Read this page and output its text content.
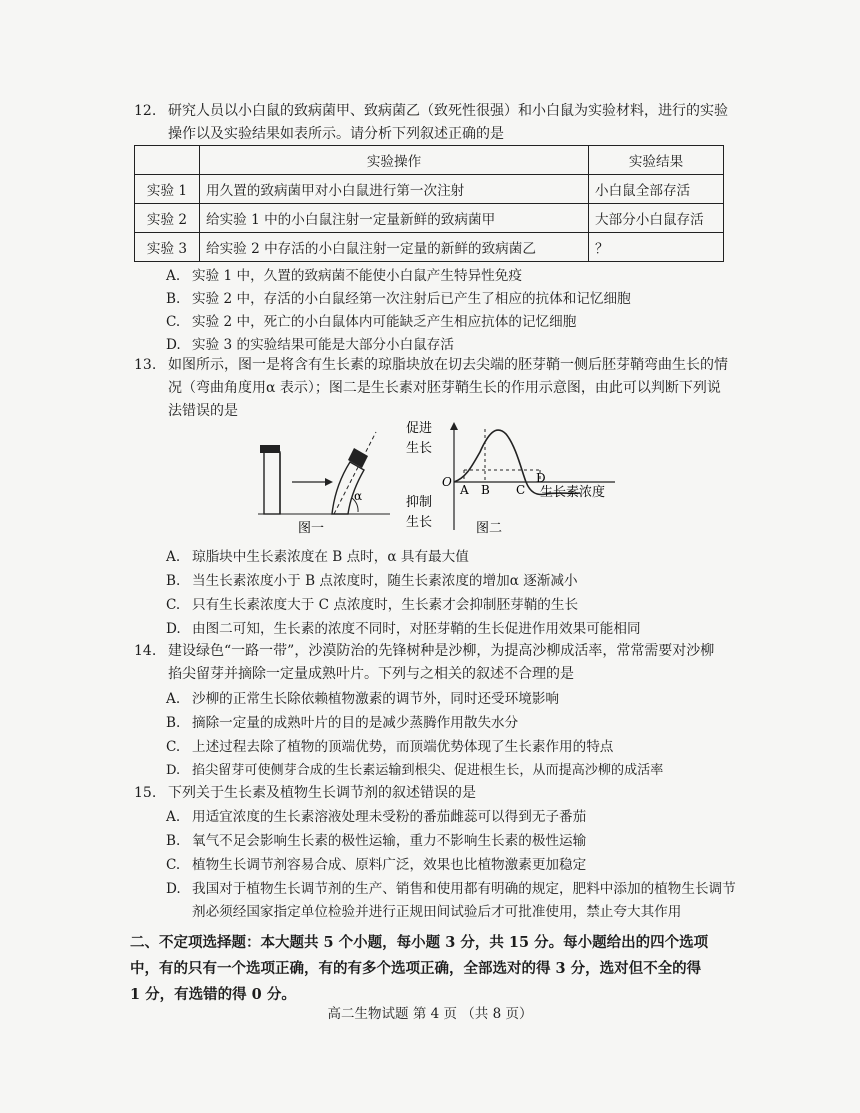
12. 研究人员以小白鼠的致病菌甲、致病菌乙（致死性很强）和小白鼠为实验材料，进行的实验操作以及实验结果如表所示。请分析下列叙述正确的是
	实验操作	实验结果
实验 1	用久置的致病菌甲对小白鼠进行第一次注射	小白鼠全部存活
实验 2	给实验 1 中的小白鼠注射一定量新鲜的致病菌甲	大部分小白鼠存活
实验 3	给实验 2 中存活的小白鼠注射一定量的新鲜的致病菌乙	？
A. 实验 1 中，久置的致病菌不能使小白鼠产生特异性免疫
B. 实验 2 中，存活的小白鼠经第一次注射后已产生了相应的抗体和记忆细胞
C. 实验 2 中，死亡的小白鼠体内可能缺乏产生相应抗体的记忆细胞
D. 实验 3 的实验结果可能是大部分小白鼠存活
13. 如图所示，图一是将含有生长素的琼脂块放在切去尖端的胚芽鞘一侧后胚芽鞘弯曲生长的情况（弯曲角度用α 表示）；图二是生长素对胚芽鞘生长的作用示意图，由此可以判断下列说法错误的是
α
图一
促进
生长
O
抑制
生长
A B C
D
生长素浓度
图二
A. 琼脂块中生长素浓度在 B 点时，α 具有最大值
B. 当生长素浓度小于 B 点浓度时，随生长素浓度的增加α 逐渐减小
C. 只有生长素浓度大于 C 点浓度时，生长素才会抑制胚芽鞘的生长
D. 由图二可知，生长素的浓度不同时，对胚芽鞘的生长促进作用效果可能相同
14. 建设绿色“一路一带”，沙漠防治的先锋树种是沙柳，为提高沙柳成活率，常常需要对沙柳掐尖留芽并摘除一定量成熟叶片。下列与之相关的叙述不合理的是
A. 沙柳的正常生长除依赖植物激素的调节外，同时还受环境影响
B. 摘除一定量的成熟叶片的目的是减少蒸腾作用散失水分
C. 上述过程去除了植物的顶端优势，而顶端优势体现了生长素作用的特点
D. 掐尖留芽可使侧芽合成的生长素运输到根尖、促进根生长，从而提高沙柳的成活率
15. 下列关于生长素及植物生长调节剂的叙述错误的是
A. 用适宜浓度的生长素溶液处理未受粉的番茄雌蕊可以得到无子番茄
B. 氧气不足会影响生长素的极性运输，重力不影响生长素的极性运输
C. 植物生长调节剂容易合成、原料广泛，效果也比植物激素更加稳定
D. 我国对于植物生长调节剂的生产、销售和使用都有明确的规定，肥料中添加的植物生长调节剂必须经国家指定单位检验并进行正规田间试验后才可批准使用，禁止夸大其作用
二、不定项选择题：本大题共 5 个小题，每小题 3 分，共 15 分。每小题给出的四个选项
中，有的只有一个选项正确，有的有多个选项正确，全部选对的得 3 分，选对但不全的得
1 分，有选错的得 0 分。
高二生物试题 第 4 页 （共 8 页）
